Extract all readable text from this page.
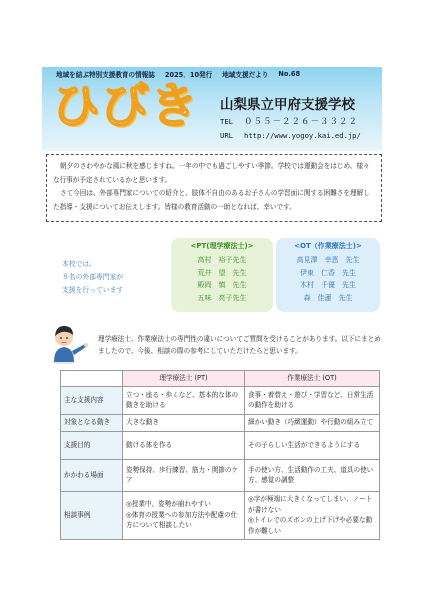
地域を結ぶ特別支援教育の情報誌 2025．10発行 地域支援だより No.68
ひびき 山梨県立甲府支援学校
TEL ０５５－２２６－３３２２
URL http://www.yogoy.kai.ed.jp/

朝夕のさわやかな風に秋を感じますね。一年の中でも過ごしやすい季節。学校では運動会をはじめ、様々な行事が予定されているかと思います。

さて今回は、外部専門家についての紹介と、肢体不自由のあるお子さんの学習面に関する困難さを理解した指導・支援についてお伝えします。皆様の教育活動の一助となれば、幸いです。

本校では、
８名の外部専門家が
支援を行っています
<PT(理学療法士)>
高村　裕子先生
荒井　望　先生
殿岡　慎　先生
五味　亮子先生
<OT（作業療法士)>
高見澤　幸恵　先生
伊東　仁香　先生
木村　千優　先生
森　佳蓮　先生
理学療法士、作業療法士の専門性の違いについてご質問を受けることがあります。以下にまとめましたので、今後、相談の際の参考にしていただけたらと思います。
	理学療法士 (PT)	作業療法士 (OT)
主な支援内容	立つ・座る・歩くなど、基本的な体の動きを助ける	食事・着替え・遊び・学習など、日常生活の動作を助ける
対象となる動き	大きな動き	細かい動き（巧緻運動）や行動の組み立て
支援目的	動ける体を作る	その子らしい生活ができるようにする
かかわる場面	姿勢保持、歩行練習、筋力・関節のケア	手の使い方、生活動作の工夫、道具の使い方、感覚の調整
相談事例	◎授業中、姿勢が崩れやすい
◎体育の授業への参加方法や配慮の仕方について相談したい	◎字が極端に大きくなってしまい、ノートが書けない
◎トイレでのズボンの上げ下げや必要な動作が難しい
